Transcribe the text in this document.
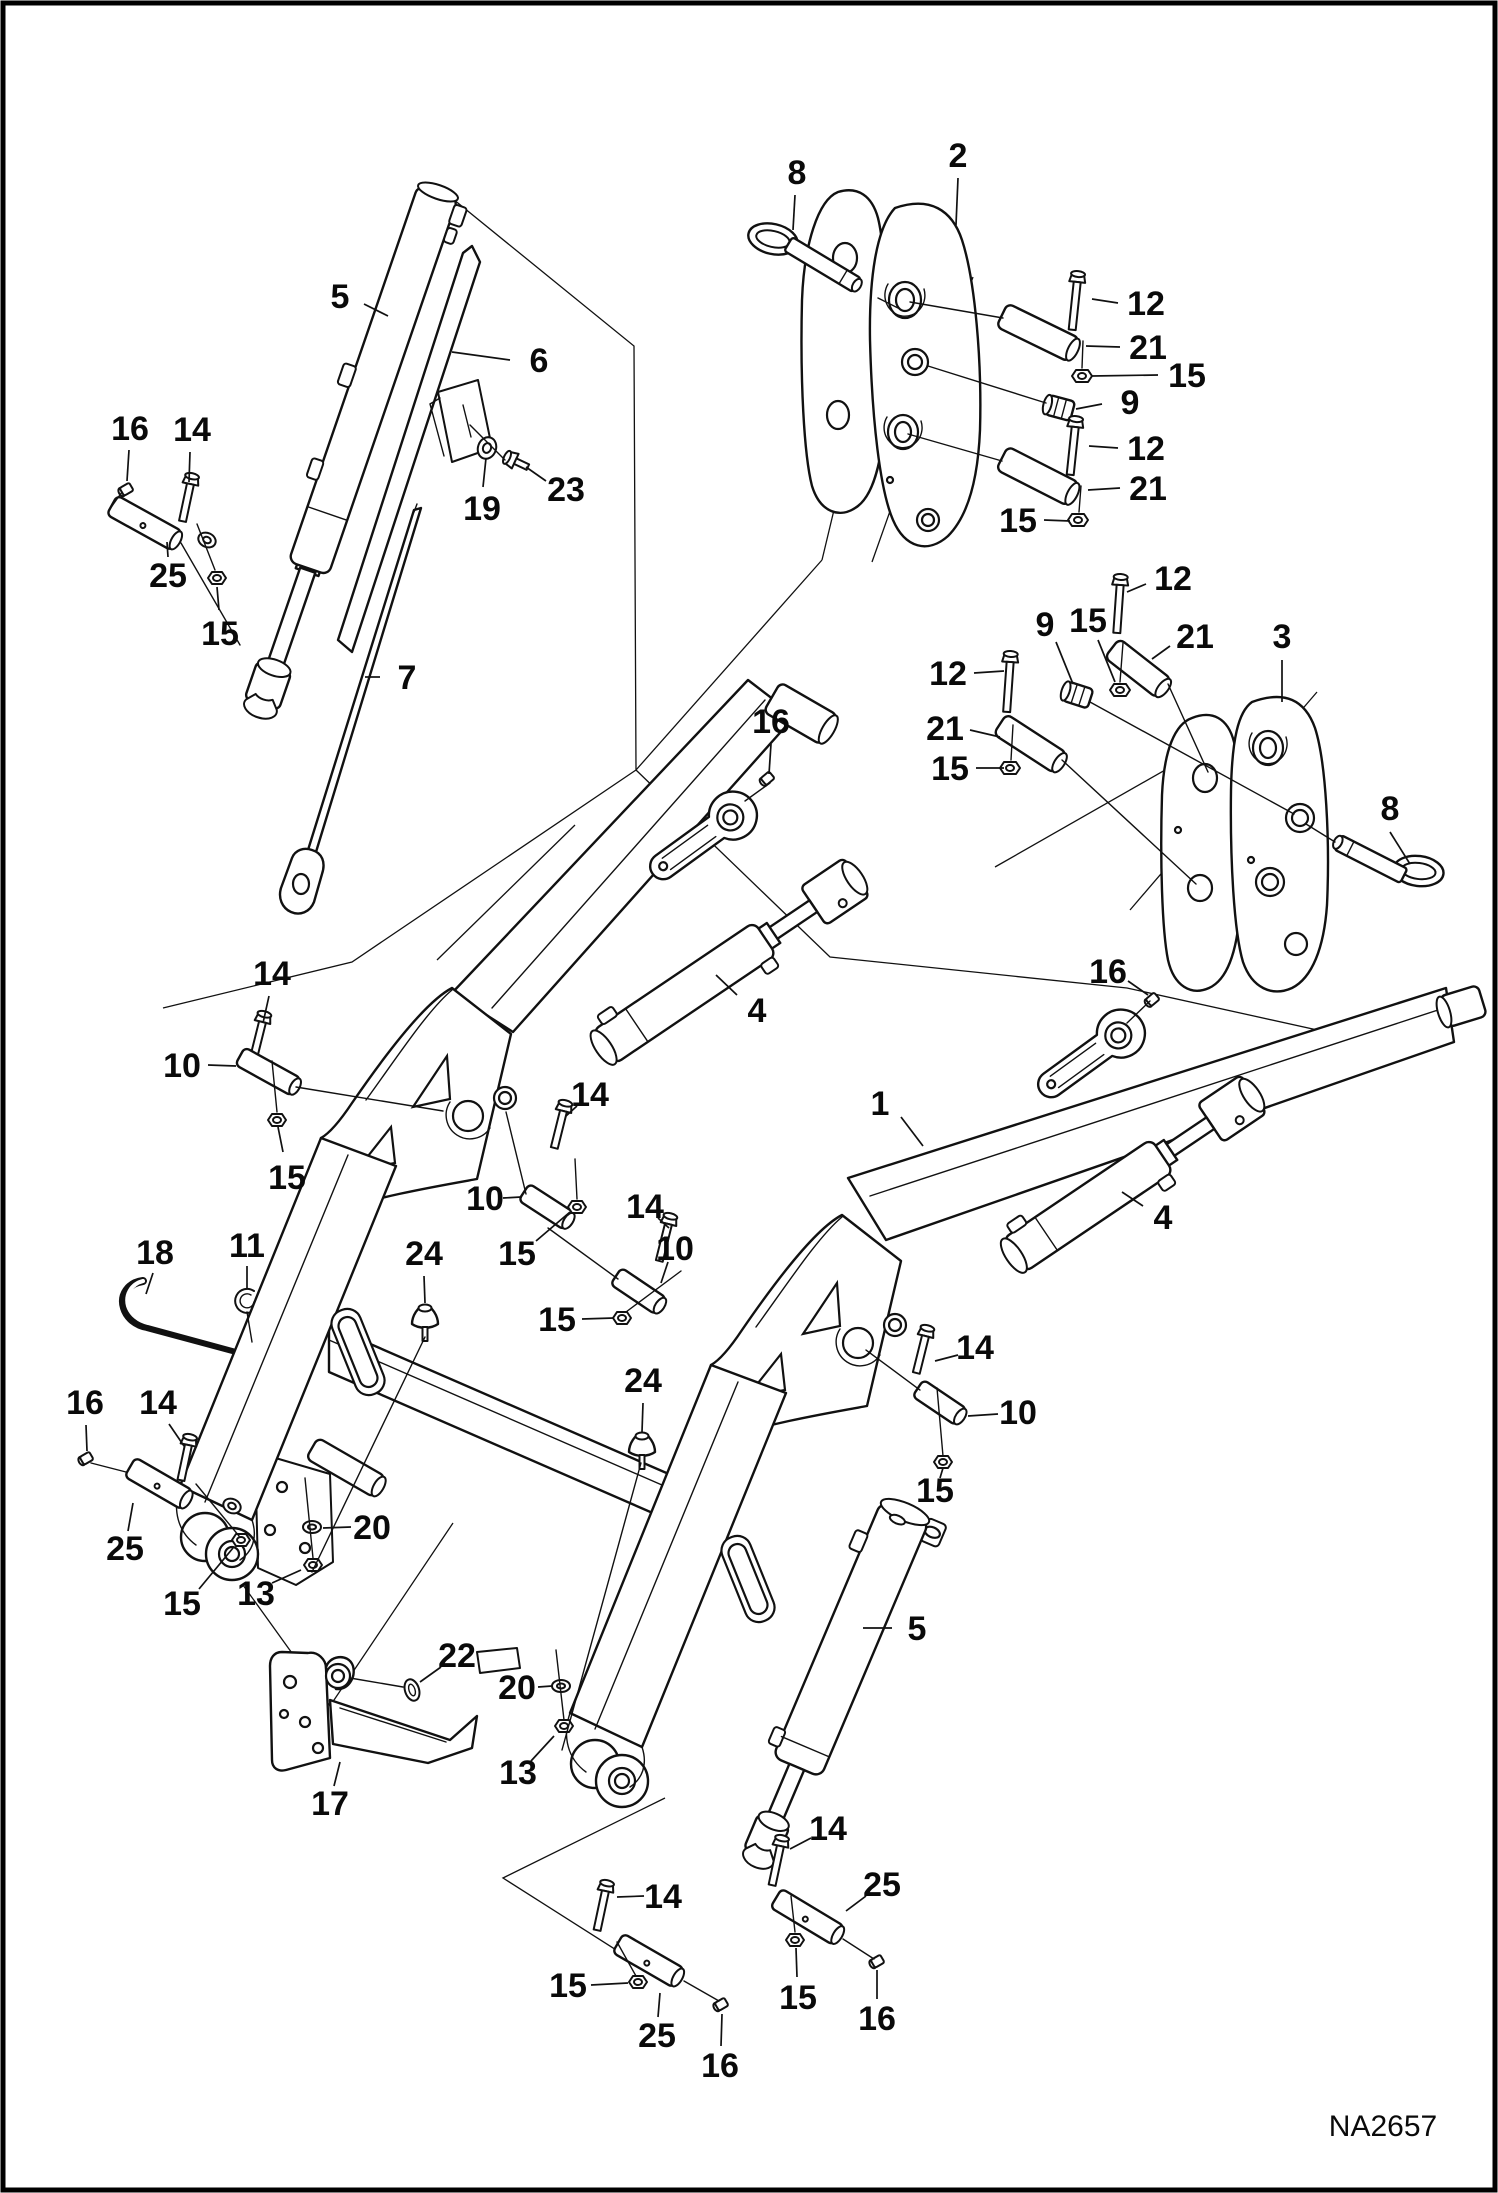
8	2
12
21
15
9
12
21
15
5
6
16 14
23
19
25
15
7
12
9 15 21 3
12
21
15
8
16
16
4
14
10
15
1
4
14
10
15
14
10
15
14
10
15
18 11	24
24
16 14
25
15 13
20
22
17
20
13
5
14
25
15
16
14
15
25
16
NA2657
